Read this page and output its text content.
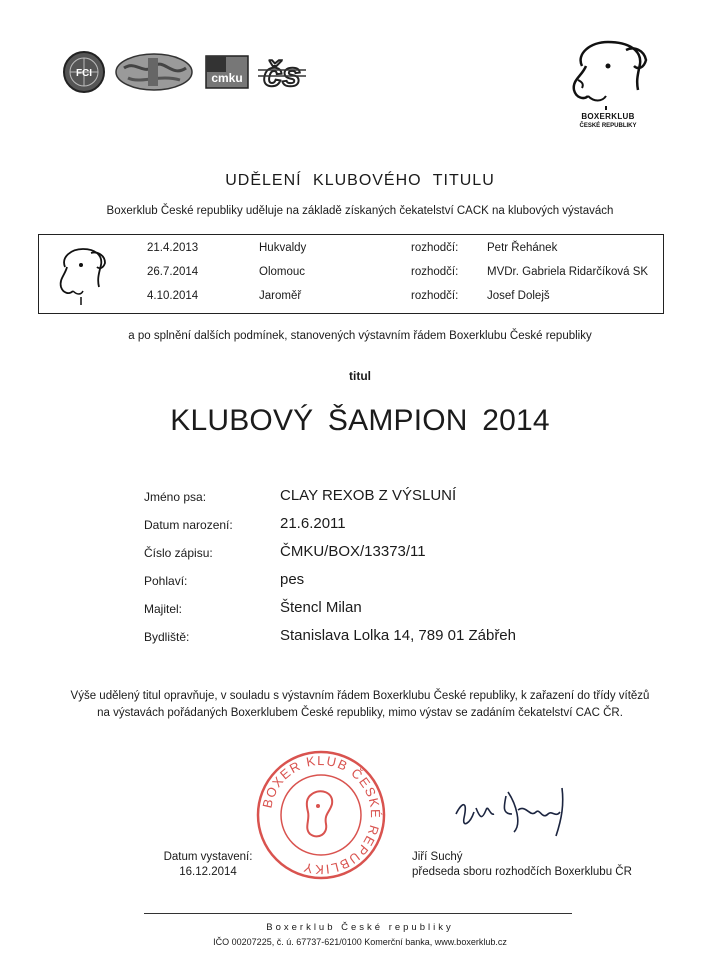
FCI	cmku čs
BOXERKLUB
ČESKÉ REPUBLIKY
UDĚLENÍ KLUBOVÉHO TITULU
Boxerklub České republiky uděluje na základě získaných čekatelství CACK na klubových výstavách
21.4.2013	Hukvaldy	rozhodčí: Petr Řehánek
26.7.2014	Olomouc	rozhodčí: MVDr. Gabriela Ridarčíková SK
4.10.2014	Jaroměř	rozhodčí: Josef Dolejš
a po splnění dalších podmínek, stanovených výstavním řádem Boxerklubu České republiky
titul
KLUBOVÝ ŠAMPION 2014
Jméno psa:	CLAY REXOB Z VÝSLUNÍ
Datum narození:	21.6.2011
Číslo zápisu:	ČMKU/BOX/13373/11
Pohlaví:	pes
Majitel:	Štencl Milan
Bydliště:	Stanislava Lolka 14, 789 01 Zábřeh
Výše udělený titul opravňuje, v souladu s výstavním řádem Boxerklubu České republiky, k zařazení do třídy vítězů
na výstavách pořádaných Boxerklubem České republiky, mimo výstav se zadáním čekatelství CAC ČR.
BOXER KLUB ČESKÉ REPUBLIKY
Jiří Suchý
Datum vystavení:
16.12.2014
Jiří Suchý
předseda sboru rozhodčích Boxerklubu ČR
Boxerklub České republiky
IČO 00207225, č. ú. 67737-621/0100 Komerční banka, www.boxerklub.cz
